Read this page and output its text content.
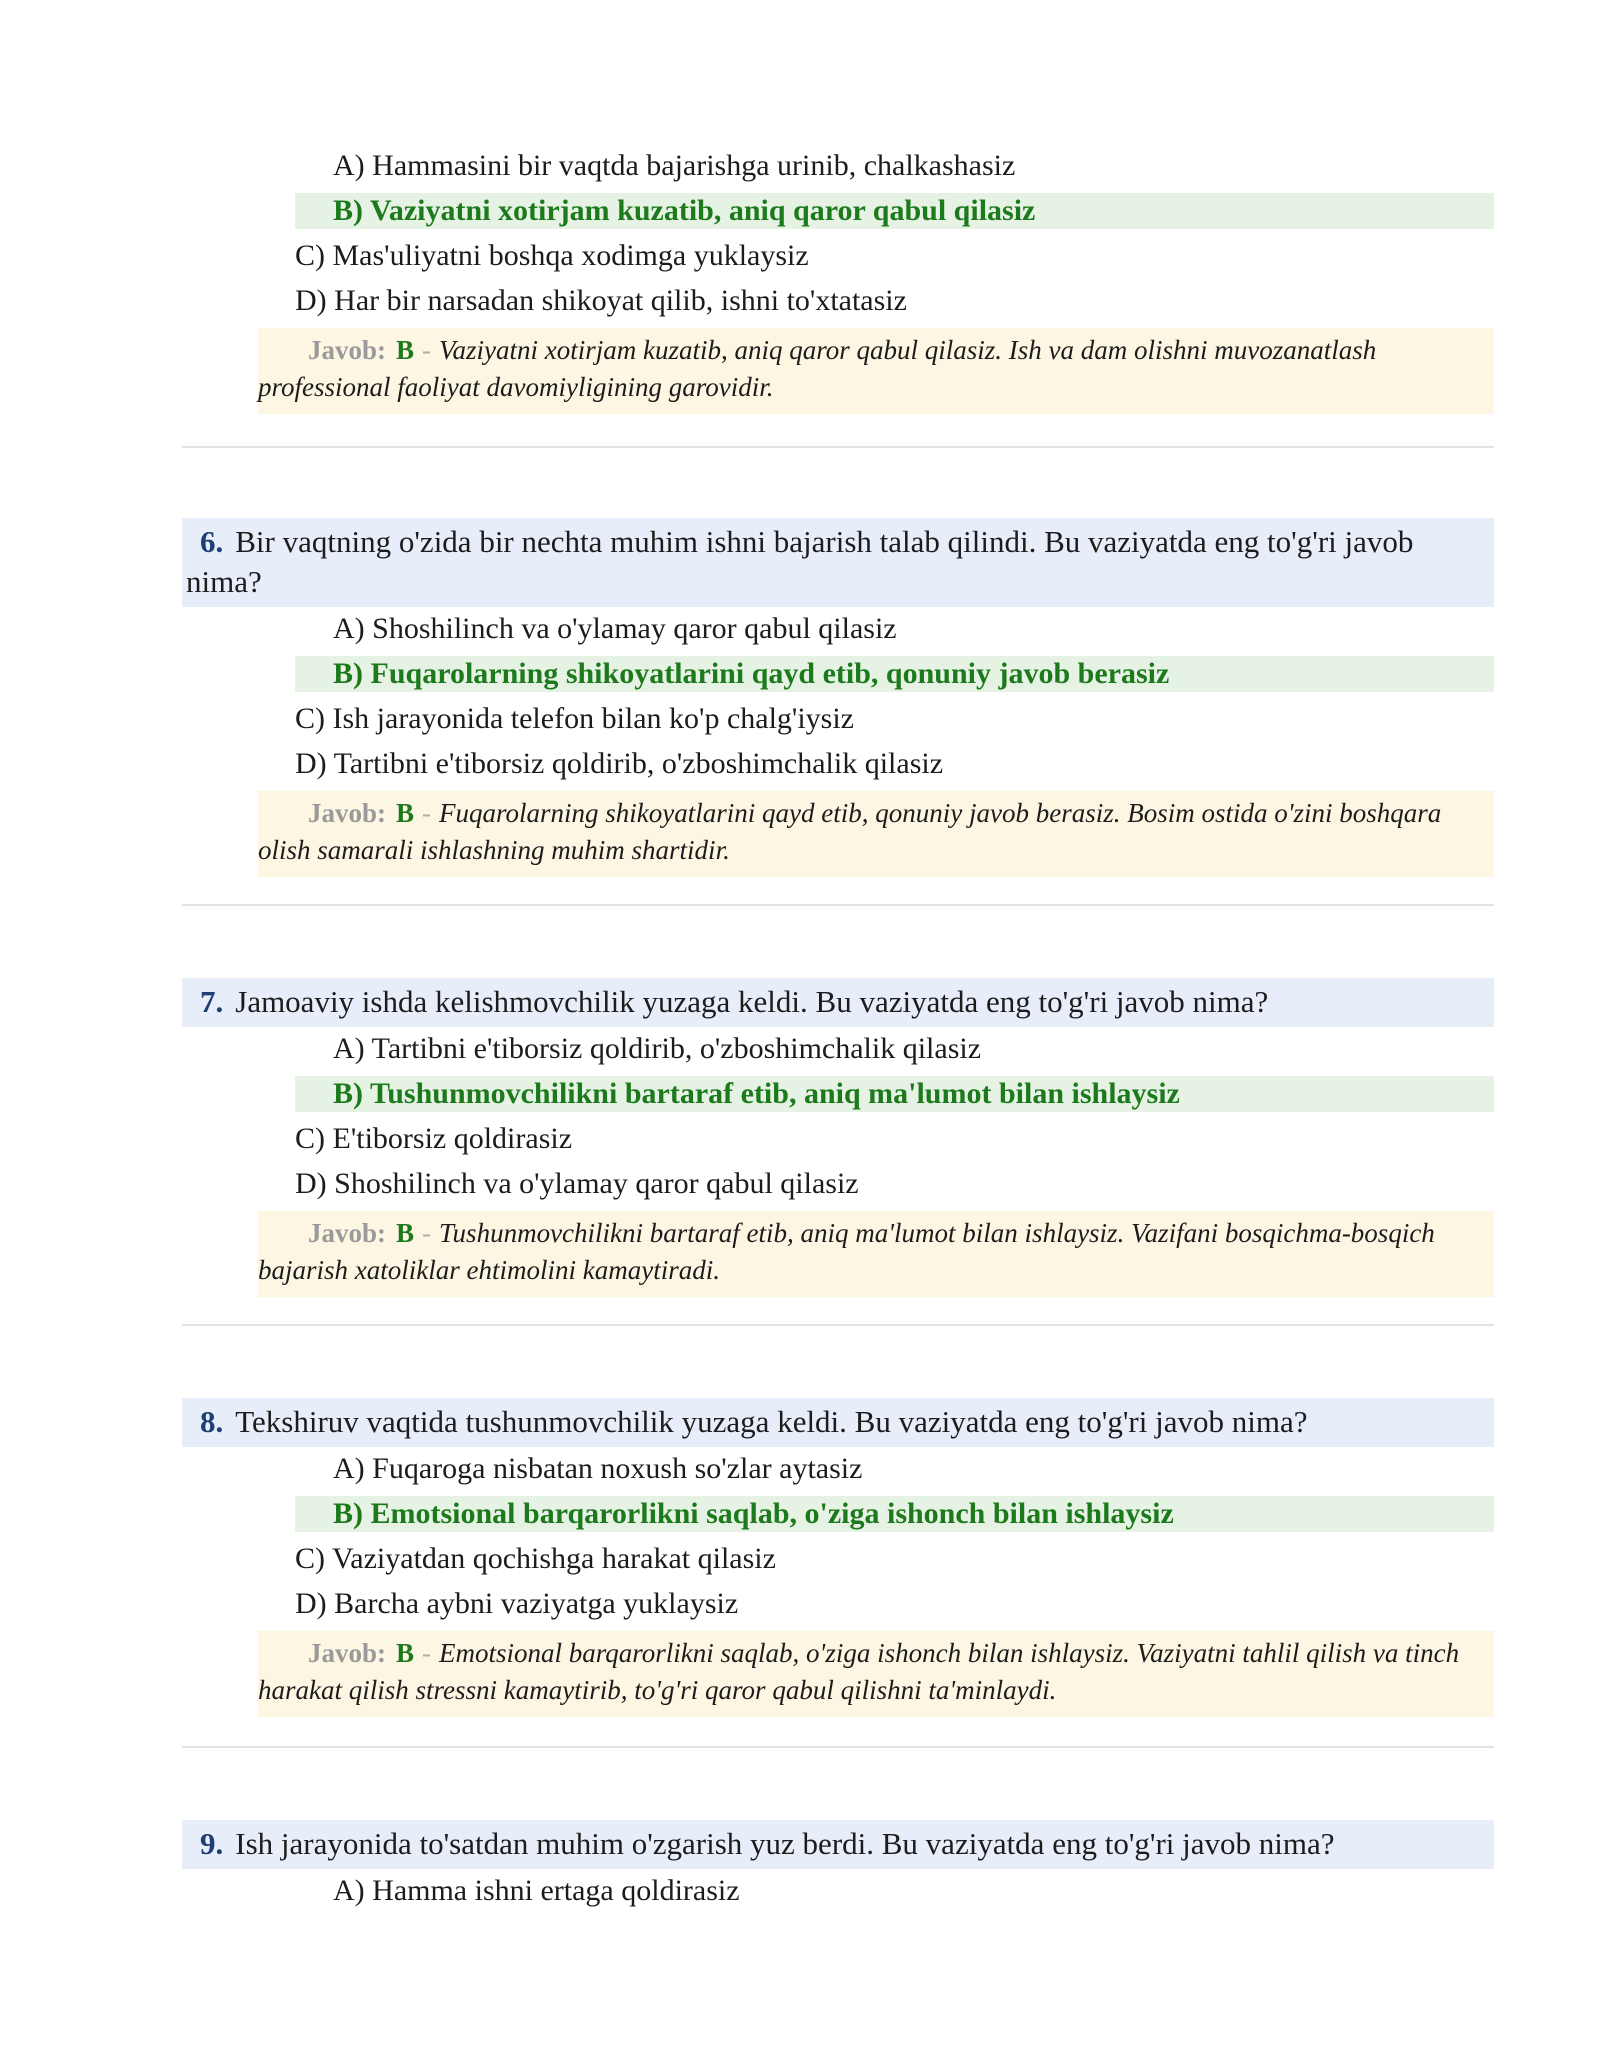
A) Hammasini bir vaqtda bajarishga urinib, chalkashasiz
B) Vaziyatni xotirjam kuzatib, aniq qaror qabul qilasiz
C) Mas'uliyatni boshqa xodimga yuklaysiz
D) Har bir narsadan shikoyat qilib, ishni to'xtatasiz
Javob: B - Vaziyatni xotirjam kuzatib, aniq qaror qabul qilasiz. Ish va dam olishni muvozanatlash professional faoliyat davomiyligining garovidir.
6. Bir vaqtning o'zida bir nechta muhim ishni bajarish talab qilindi. Bu vaziyatda eng to'g'ri javob nima?
A) Shoshilinch va o'ylamay qaror qabul qilasiz
B) Fuqarolarning shikoyatlarini qayd etib, qonuniy javob berasiz
C) Ish jarayonida telefon bilan ko'p chalg'iysiz
D) Tartibni e'tiborsiz qoldirib, o'zboshimchalik qilasiz
Javob: B - Fuqarolarning shikoyatlarini qayd etib, qonuniy javob berasiz. Bosim ostida o'zini boshqara olish samarali ishlashning muhim shartidir.
7. Jamoaviy ishda kelishmovchilik yuzaga keldi. Bu vaziyatda eng to'g'ri javob nima?
A) Tartibni e'tiborsiz qoldirib, o'zboshimchalik qilasiz
B) Tushunmovchilikni bartaraf etib, aniq ma'lumot bilan ishlaysiz
C) E'tiborsiz qoldirasiz
D) Shoshilinch va o'ylamay qaror qabul qilasiz
Javob: B - Tushunmovchilikni bartaraf etib, aniq ma'lumot bilan ishlaysiz. Vazifani bosqichma-bosqich bajarish xatoliklar ehtimolini kamaytiradi.
8. Tekshiruv vaqtida tushunmovchilik yuzaga keldi. Bu vaziyatda eng to'g'ri javob nima?
A) Fuqaroga nisbatan noxush so'zlar aytasiz
B) Emotsional barqarorlikni saqlab, o'ziga ishonch bilan ishlaysiz
C) Vaziyatdan qochishga harakat qilasiz
D) Barcha aybni vaziyatga yuklaysiz
Javob: B - Emotsional barqarorlikni saqlab, o'ziga ishonch bilan ishlaysiz. Vaziyatni tahlil qilish va tinch harakat qilish stressni kamaytirib, to'g'ri qaror qabul qilishni ta'minlaydi.
9. Ish jarayonida to'satdan muhim o'zgarish yuz berdi. Bu vaziyatda eng to'g'ri javob nima?
A) Hamma ishni ertaga qoldirasiz
